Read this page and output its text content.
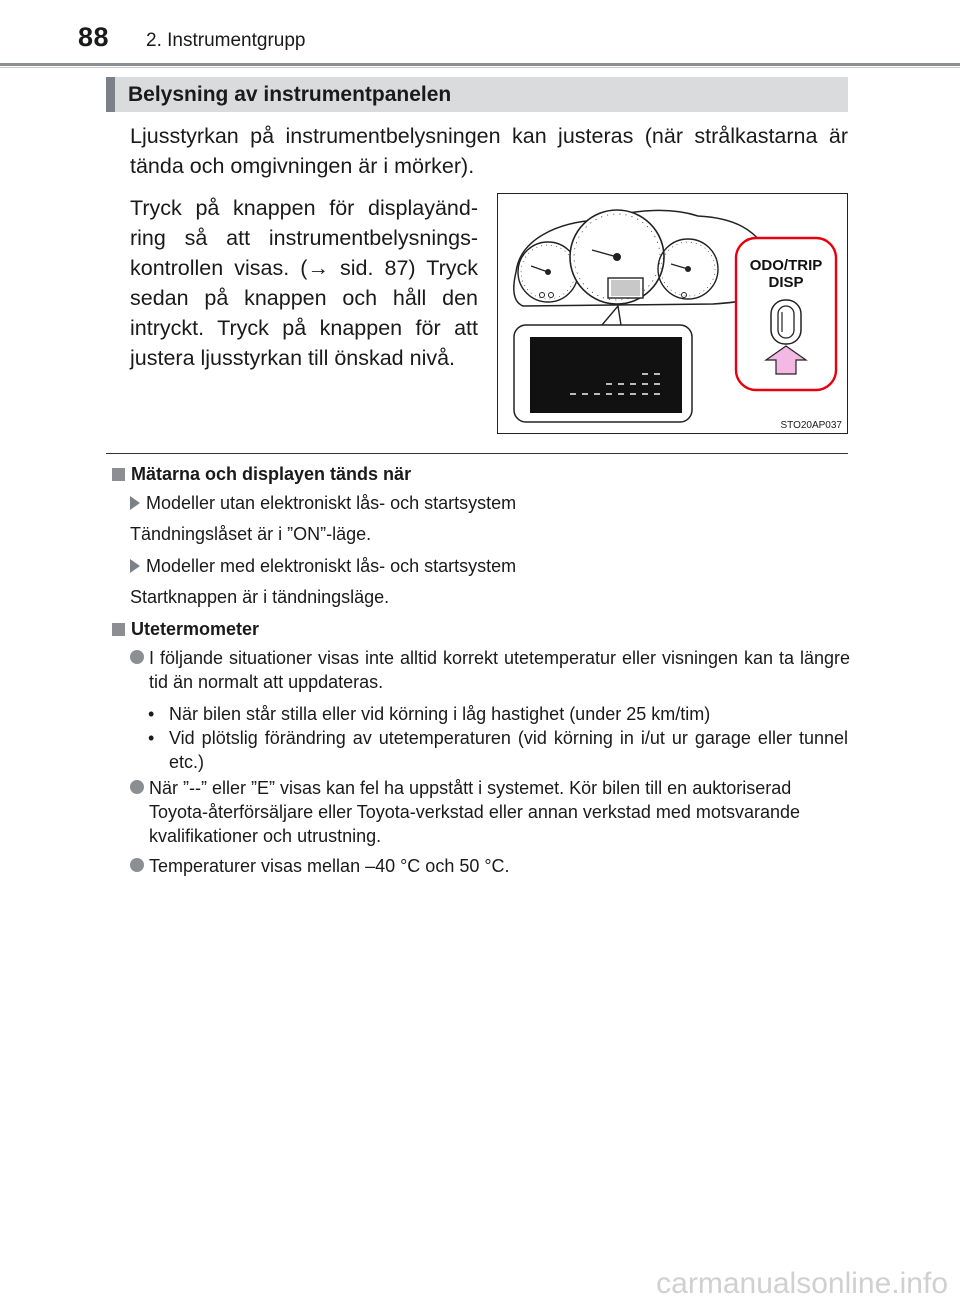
88 2. Instrumentgrupp
Belysning av instrumentpanelen

Ljusstyrkan på instrumentbelysningen kan justeras (när strålkastarna är tända och omgivningen är i mörker).

Tryck på knappen för displayänd-ring så att instrumentbelysnings-kontrollen visas. (→ sid. 87) Tryck sedan på knappen och håll den intryckt. Tryck på knappen för att justera ljusstyrkan till önskad nivå.

ODO/TRIP
DISP
STO20AP037
Mätarna och displayen tänds när
Modeller utan elektroniskt lås- och startsystem
Tändningslåset är i ”ON”-läge.
Modeller med elektroniskt lås- och startsystem
Startknappen är i tändningsläge.
Utetermometer
I följande situationer visas inte alltid korrekt utetemperatur eller visningen kan ta längre tid än normalt att uppdateras.
• När bilen står stilla eller vid körning i låg hastighet (under 25 km/tim)
• Vid plötslig förändring av utetemperaturen (vid körning in i/ut ur garage eller tunnel etc.)
När ”--” eller ”E” visas kan fel ha uppstått i systemet. Kör bilen till en auktoriserad Toyota-återförsäljare eller Toyota-verkstad eller annan verkstad med motsvarande kvalifikationer och utrustning.
Temperaturer visas mellan –40 °C och 50 °C.
carmanualsonline.info
